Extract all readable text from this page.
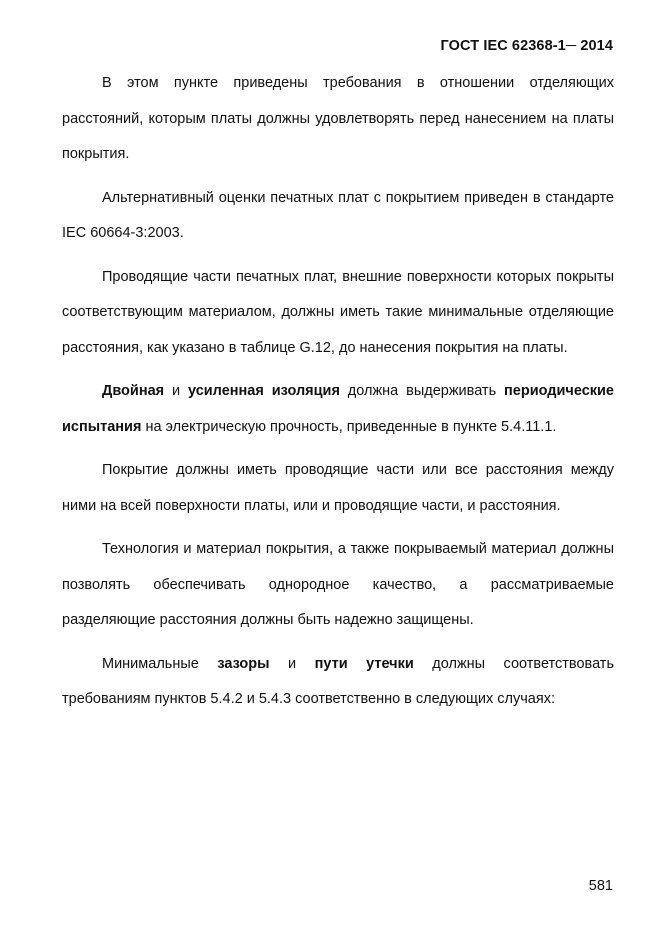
ГОСТ IEC 62368-1─ 2014

В этом пункте приведены требования в отношении отделяющих расстояний, которым платы должны удовлетворять перед нанесением на платы покрытия.

Альтернативный оценки печатных плат с покрытием приведен в стандарте IEC 60664-3:2003.

Проводящие части печатных плат, внешние поверхности которых покрыты соответствующим материалом, должны иметь такие минимальные отделяющие расстояния, как указано в таблице G.12, до нанесения покрытия на платы.

Двойная и усиленная изоляция должна выдерживать периодические испытания на электрическую прочность, приведенные в пункте 5.4.11.1.

Покрытие должны иметь проводящие части или все расстояния между ними на всей поверхности платы, или и проводящие части, и расстояния.

Технология и материал покрытия, а также покрываемый материал должны позволять обеспечивать однородное качество, а рассматриваемые разделяющие расстояния должны быть надежно защищены.

Минимальные зазоры и пути утечки должны соответствовать требованиям пунктов 5.4.2 и 5.4.3 соответственно в следующих случаях:

581
